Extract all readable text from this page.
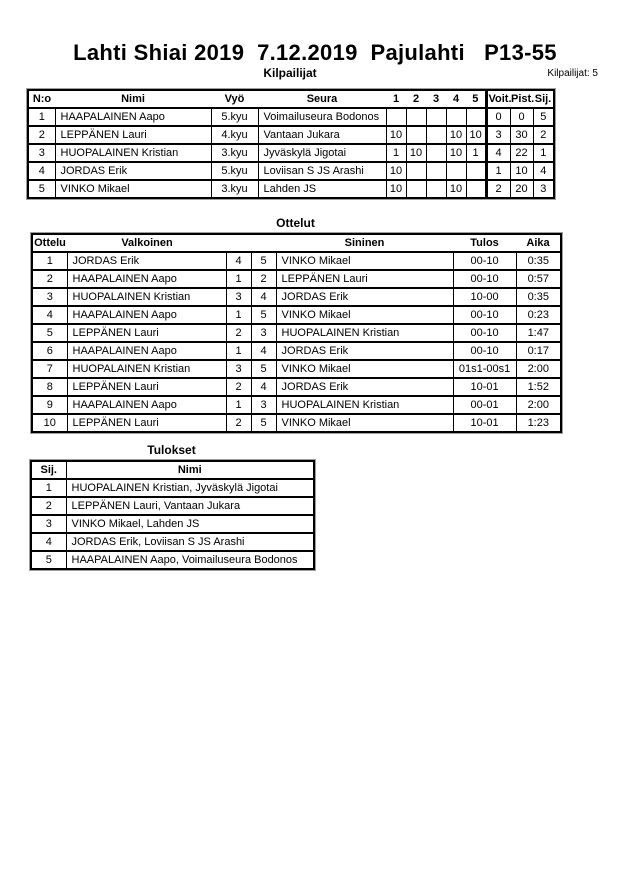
Lahti Shiai 2019  7.12.2019  Pajulahti   P13-55
Kilpailijat	Kilpailijat: 5
N:o	Nimi	Vyö	Seura	1	2	3	4	5	Voit.	Pist.	Sij.
1	HAAPALAINEN Aapo	5.kyu	Voimailuseura Bodonos						0	0	5
2	LEPPÄNEN Lauri	4.kyu	Vantaan Jukara	10			10	10	3	30	2
3	HUOPALAINEN Kristian	3.kyu	Jyväskylä Jigotai	1	10		10	1	4	22	1
4	JORDAS Erik	5.kyu	Loviisan S JS Arashi	10					1	10	4
5	VINKO Mikael	3.kyu	Lahden JS	10			10		2	20	3
Ottelut
Ottelu	Valkoinen			Sininen	Tulos	Aika
1	JORDAS Erik	4	5	VINKO Mikael	00-10	0:35
2	HAAPALAINEN Aapo	1	2	LEPPÄNEN Lauri	00-10	0:57
3	HUOPALAINEN Kristian	3	4	JORDAS Erik	10-00	0:35
4	HAAPALAINEN Aapo	1	5	VINKO Mikael	00-10	0:23
5	LEPPÄNEN Lauri	2	3	HUOPALAINEN Kristian	00-10	1:47
6	HAAPALAINEN Aapo	1	4	JORDAS Erik	00-10	0:17
7	HUOPALAINEN Kristian	3	5	VINKO Mikael	01s1-00s1	2:00
8	LEPPÄNEN Lauri	2	4	JORDAS Erik	10-01	1:52
9	HAAPALAINEN Aapo	1	3	HUOPALAINEN Kristian	00-01	2:00
10	LEPPÄNEN Lauri	2	5	VINKO Mikael	10-01	1:23
Tulokset
Sij.	Nimi
1	HUOPALAINEN Kristian, Jyväskylä Jigotai
2	LEPPÄNEN Lauri, Vantaan Jukara
3	VINKO Mikael, Lahden JS
4	JORDAS Erik, Loviisan S JS Arashi
5	HAAPALAINEN Aapo, Voimailuseura Bodonos
